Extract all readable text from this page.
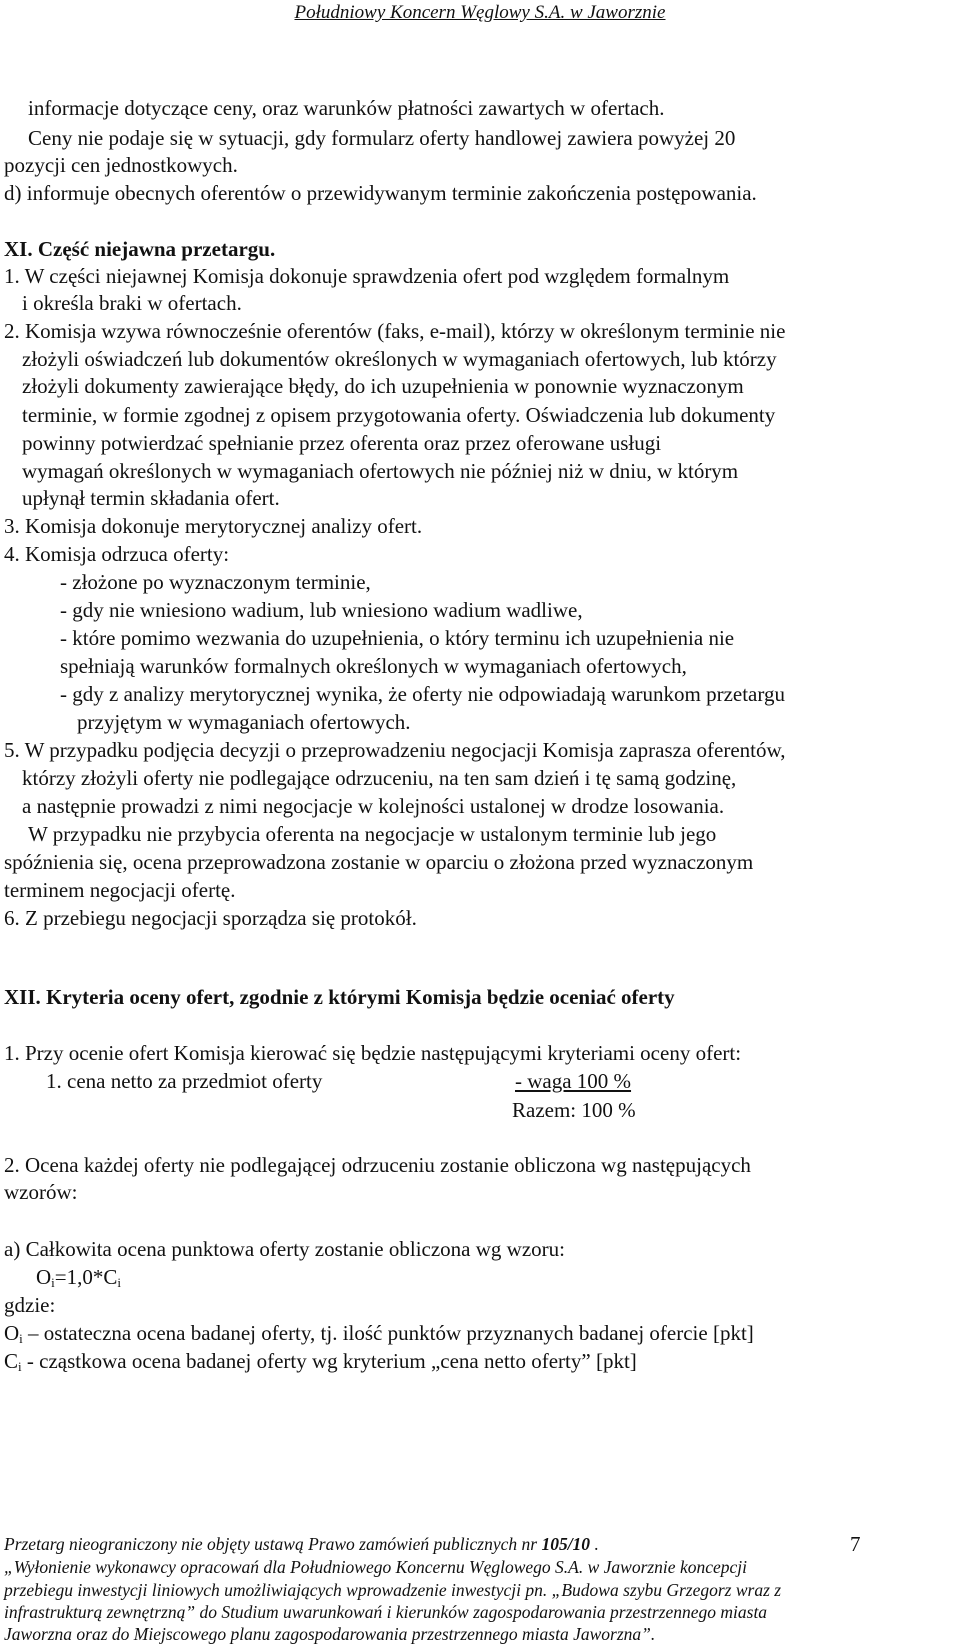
Południowy Koncern Węglowy S.A. w Jaworznie
informacje dotyczące ceny, oraz warunków płatności zawartych w ofertach.
Ceny nie podaje się w sytuacji, gdy formularz oferty handlowej zawiera powyżej 20
pozycji cen jednostkowych.
d) informuje obecnych oferentów o przewidywanym terminie zakończenia postępowania.
XI. Część niejawna przetargu.
1. W części niejawnej Komisja dokonuje sprawdzenia ofert pod względem formalnym
i określa braki w ofertach.
2. Komisja wzywa równocześnie oferentów (faks, e-mail), którzy w określonym terminie nie
złożyli oświadczeń lub dokumentów określonych w wymaganiach ofertowych, lub którzy
złożyli dokumenty zawierające błędy, do ich uzupełnienia w ponownie wyznaczonym
terminie, w formie zgodnej z opisem przygotowania oferty. Oświadczenia lub dokumenty
powinny potwierdzać spełnianie przez oferenta oraz przez oferowane usługi
wymagań określonych w wymaganiach ofertowych nie później niż w dniu, w którym
upłynął termin składania ofert.
3. Komisja dokonuje merytorycznej analizy ofert.
4. Komisja odrzuca oferty:
- złożone po wyznaczonym terminie,
- gdy nie wniesiono wadium, lub wniesiono wadium wadliwe,
- które pomimo wezwania do uzupełnienia, o który terminu ich uzupełnienia nie
spełniają warunków formalnych określonych w wymaganiach ofertowych,
- gdy z analizy merytorycznej wynika, że oferty nie odpowiadają warunkom przetargu
przyjętym w wymaganiach ofertowych.
5. W przypadku podjęcia decyzji o przeprowadzeniu negocjacji Komisja zaprasza oferentów,
którzy złożyli oferty nie podlegające odrzuceniu, na ten sam dzień i tę samą godzinę,
a następnie prowadzi z nimi negocjacje w kolejności ustalonej w drodze losowania.
W przypadku nie przybycia oferenta na negocjacje w ustalonym terminie lub jego
spóźnienia się, ocena przeprowadzona zostanie w oparciu o złożona przed wyznaczonym
terminem negocjacji ofertę.
6. Z przebiegu negocjacji sporządza się protokół.
XII. Kryteria oceny ofert, zgodnie z którymi Komisja będzie oceniać oferty
1. Przy ocenie ofert Komisja kierować się będzie następującymi kryteriami oceny ofert:
1. cena netto za przedmiot oferty	- waga 100 %
Razem: 100 %
2. Ocena każdej oferty nie podlegającej odrzuceniu zostanie obliczona wg następujących
wzorów:
a) Całkowita ocena punktowa oferty zostanie obliczona wg wzoru:
$O_i=1,0*C_i$
gdzie:
$O_i$ – ostateczna ocena badanej oferty, tj. ilość punktów przyznanych badanej ofercie [pkt]
$C_i$ - cząstkowa ocena badanej oferty wg kryterium „cena netto oferty” [pkt]
Przetarg nieograniczony nie objęty ustawą Prawo zamówień publicznych nr 105/10 .	7
„Wyłonienie wykonawcy opracowań dla Południowego Koncernu Węglowego S.A. w Jaworznie koncepcji
przebiegu inwestycji liniowych umożliwiających wprowadzenie inwestycji pn. „Budowa szybu Grzegorz wraz z
infrastrukturą zewnętrzną” do Studium uwarunkowań i kierunków zagospodarowania przestrzennego miasta
Jaworzna oraz do Miejscowego planu zagospodarowania przestrzennego miasta Jaworzna”.
